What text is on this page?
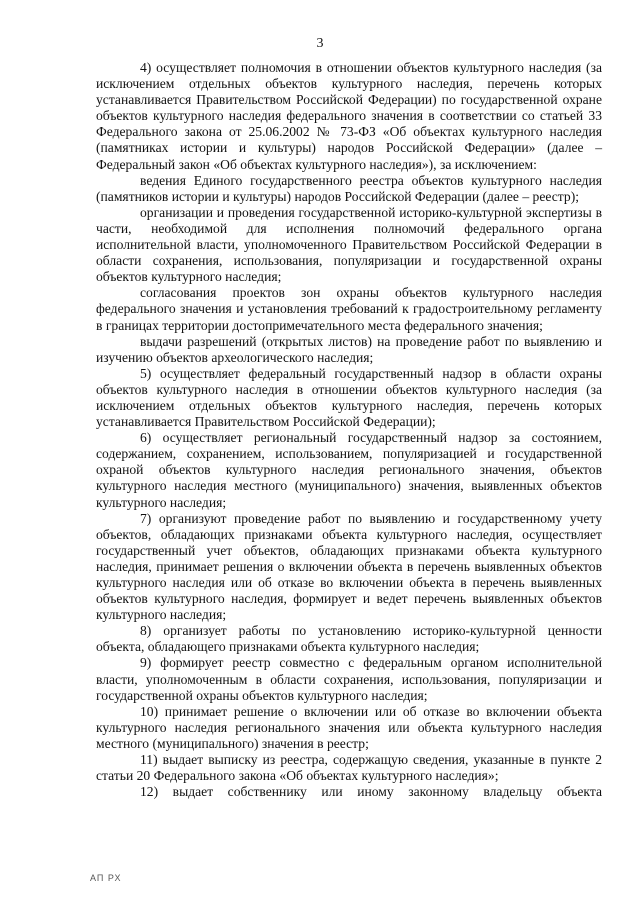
3

4) осуществляет полномочия в отношении объектов культурного наследия (за исключением отдельных объектов культурного наследия, перечень которых устанавливается Правительством Российской Федерации) по государственной охране объектов культурного наследия федерального значения в соответствии со статьей 33 Федерального закона от 25.06.2002 № 73-ФЗ «Об объектах культурного наследия (памятниках истории и культуры) народов Российской Федерации» (далее – Федеральный закон «Об объектах культурного наследия»), за исключением:

ведения Единого государственного реестра объектов культурного наследия (памятников истории и культуры) народов Российской Федерации (далее – реестр);

организации и проведения государственной историко-культурной экспертизы в части, необходимой для исполнения полномочий федерального органа исполнительной власти, уполномоченного Правительством Российской Федерации в области сохранения, использования, популяризации и государственной охраны объектов культурного наследия;

согласования проектов зон охраны объектов культурного наследия федерального значения и установления требований к градостроительному регламенту в границах территории достопримечательного места федерального значения;

выдачи разрешений (открытых листов) на проведение работ по выявлению и изучению объектов археологического наследия;

5) осуществляет федеральный государственный надзор в области охраны объектов культурного наследия в отношении объектов культурного наследия (за исключением отдельных объектов культурного наследия, перечень которых устанавливается Правительством Российской Федерации);

6) осуществляет региональный государственный надзор за состоянием, содержанием, сохранением, использованием, популяризацией и государственной охраной объектов культурного наследия регионального значения, объектов культурного наследия местного (муниципального) значения, выявленных объектов культурного наследия;

7) организуют проведение работ по выявлению и государственному учету объектов, обладающих признаками объекта культурного наследия, осуществляет государственный учет объектов, обладающих признаками объекта культурного наследия, принимает решения о включении объекта в перечень выявленных объектов культурного наследия или об отказе во включении объекта в перечень выявленных объектов культурного наследия, формирует и ведет перечень выявленных объектов культурного наследия;

8) организует работы по установлению историко-культурной ценности объекта, обладающего признаками объекта культурного наследия;

9) формирует реестр совместно с федеральным органом исполнительной власти, уполномоченным в области сохранения, использования, популяризации и государственной охраны объектов культурного наследия;

10) принимает решение о включении или об отказе во включении объекта культурного наследия регионального значения или объекта культурного наследия местного (муниципального) значения в реестр;

11) выдает выписку из реестра, содержащую сведения, указанные в пункте 2 статьи 20 Федерального закона «Об объектах культурного наследия»;

12) выдает собственнику или иному законному владельцу объекта

АП РХ
